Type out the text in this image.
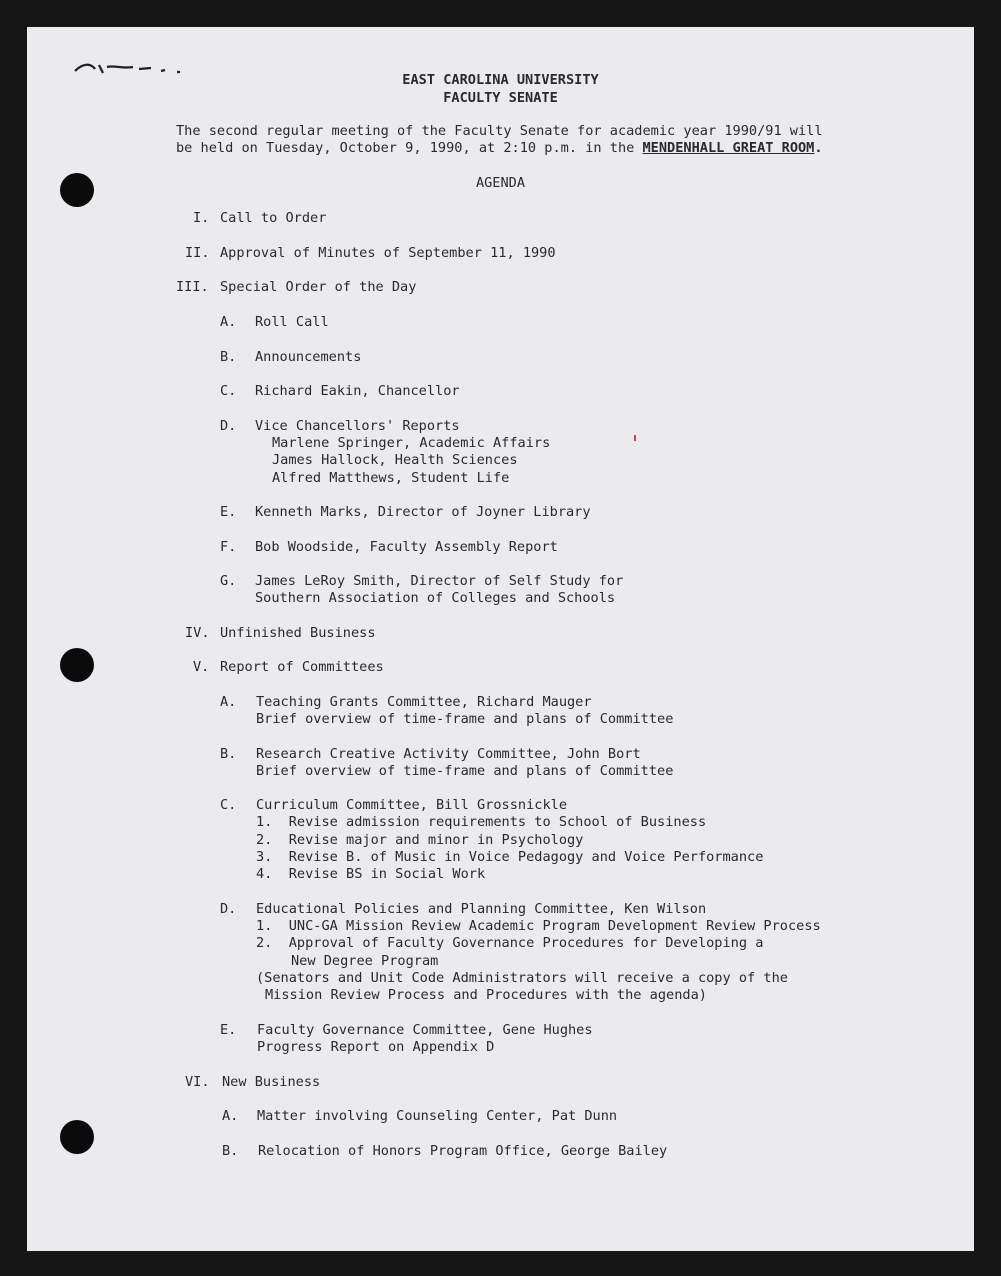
EAST CAROLINA UNIVERSITY
FACULTY SENATE
The second regular meeting of the Faculty Senate for academic year 1990/91 will
be held on Tuesday, October 9, 1990, at 2:10 p.m. in the MENDENHALL GREAT ROOM.
AGENDA
I. Call to Order
II. Approval of Minutes of September 11, 1990
III. Special Order of the Day
A. Roll Call
B. Announcements
C. Richard Eakin, Chancellor
D. Vice Chancellors' Reports
Marlene Springer, Academic Affairs
James Hallock, Health Sciences
Alfred Matthews, Student Life
E. Kenneth Marks, Director of Joyner Library
F. Bob Woodside, Faculty Assembly Report
G. James LeRoy Smith, Director of Self Study for
Southern Association of Colleges and Schools
IV. Unfinished Business
V. Report of Committees
A. Teaching Grants Committee, Richard Mauger
Brief overview of time-frame and plans of Committee
B. Research Creative Activity Committee, John Bort
Brief overview of time-frame and plans of Committee
C. Curriculum Committee, Bill Grossnickle
1.  Revise admission requirements to School of Business
2.  Revise major and minor in Psychology
3.  Revise B. of Music in Voice Pedagogy and Voice Performance
4.  Revise BS in Social Work
D. Educational Policies and Planning Committee, Ken Wilson
1.  UNC-GA Mission Review Academic Program Development Review Process
2.  Approval of Faculty Governance Procedures for Developing a
New Degree Program
(Senators and Unit Code Administrators will receive a copy of the
Mission Review Process and Procedures with the agenda)
E. Faculty Governance Committee, Gene Hughes
Progress Report on Appendix D
VI. New Business
A. Matter involving Counseling Center, Pat Dunn
B. Relocation of Honors Program Office, George Bailey
